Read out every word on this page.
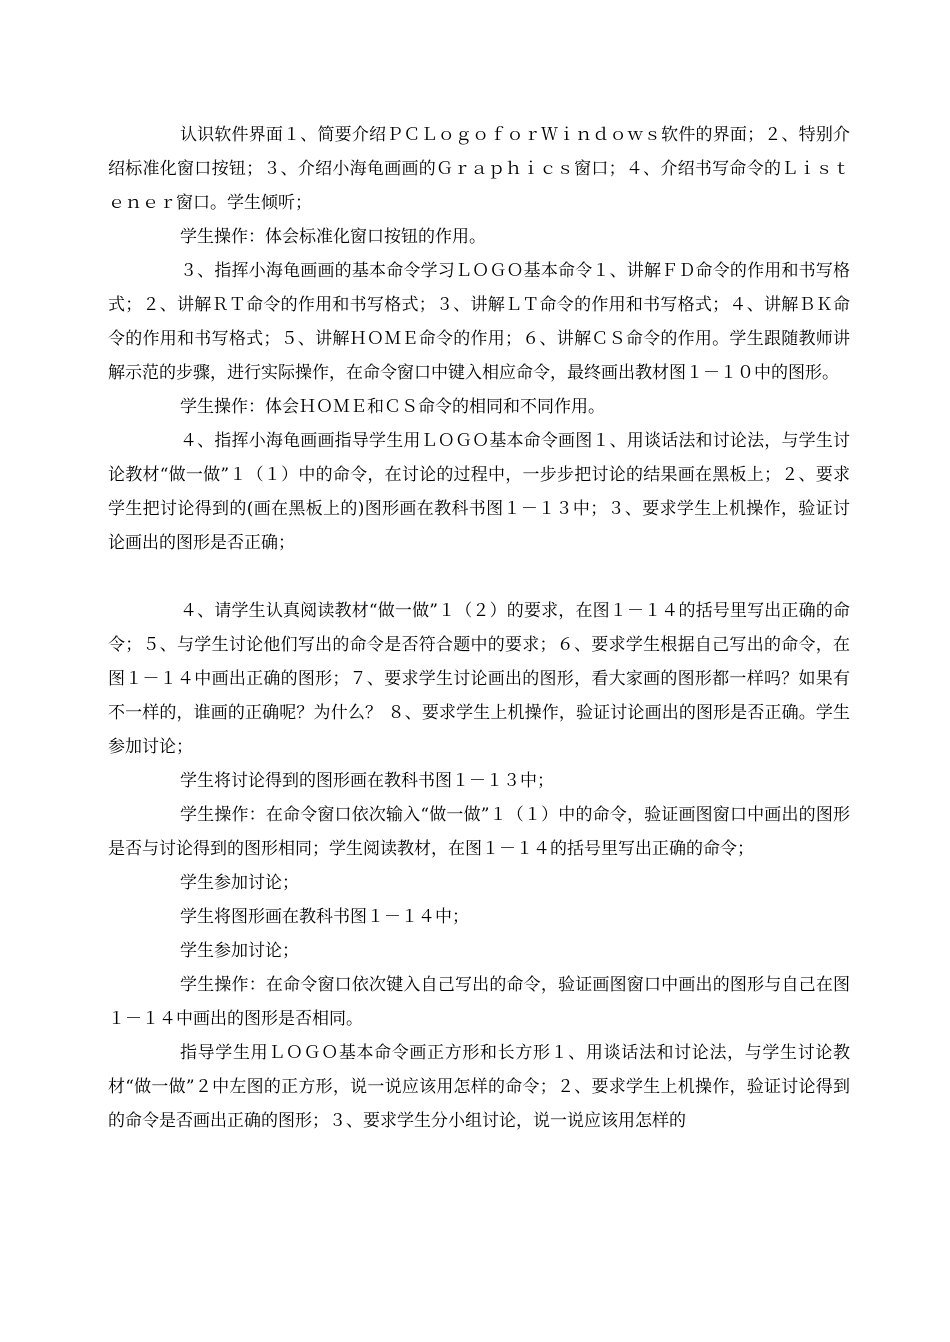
认识软件界面１、简要介绍ＰＣＬｏｇｏｆｏｒＷｉｎｄｏｗｓ软件的界面；２、特别介绍标准化窗口按钮；３、介绍小海龟画画的Ｇｒａｐｈｉｃｓ窗口；４、介绍书写命令的Ｌｉｓｔｅｎｅｒ窗口。学生倾听；

学生操作：体会标准化窗口按钮的作用。

３、指挥小海龟画画的基本命令学习ＬＯＧＯ基本命令１、讲解ＦＤ命令的作用和书写格式；２、讲解ＲＴ命令的作用和书写格式；３、讲解ＬＴ命令的作用和书写格式；４、讲解ＢＫ命令的作用和书写格式；５、讲解ＨＯＭＥ命令的作用；６、讲解ＣＳ命令的作用。学生跟随教师讲解示范的步骤，进行实际操作，在命令窗口中键入相应命令，最终画出教材图１－１０中的图形。

学生操作：体会ＨＯＭＥ和ＣＳ命令的相同和不同作用。

４、指挥小海龟画画指导学生用ＬＯＧＯ基本命令画图１、用谈话法和讨论法，与学生讨论教材“做一做”１（１）中的命令，在讨论的过程中，一步步把讨论的结果画在黑板上；２、要求学生把讨论得到的(画在黑板上的)图形画在教科书图１－１３中；３、要求学生上机操作，验证讨论画出的图形是否正确；

４、请学生认真阅读教材“做一做”１（２）的要求，在图１－１４的括号里写出正确的命令；５、与学生讨论他们写出的命令是否符合题中的要求；６、要求学生根据自己写出的命令，在图１－１４中画出正确的图形；７、要求学生讨论画出的图形，看大家画的图形都一样吗？如果有不一样的，谁画的正确呢？为什么？ ８、要求学生上机操作，验证讨论画出的图形是否正确。学生参加讨论；

学生将讨论得到的图形画在教科书图１－１３中；

学生操作：在命令窗口依次输入“做一做”１（１）中的命令，验证画图窗口中画出的图形是否与讨论得到的图形相同；学生阅读教材，在图１－１４的括号里写出正确的命令；

学生参加讨论；

学生将图形画在教科书图１－１４中；

学生参加讨论；

学生操作：在命令窗口依次键入自己写出的命令，验证画图窗口中画出的图形与自己在图１－１４中画出的图形是否相同。

指导学生用ＬＯＧＯ基本命令画正方形和长方形１、用谈话法和讨论法，与学生讨论教材“做一做”２中左图的正方形，说一说应该用怎样的命令；２、要求学生上机操作，验证讨论得到的命令是否画出正确的图形；３、要求学生分小组讨论，说一说应该用怎样的
